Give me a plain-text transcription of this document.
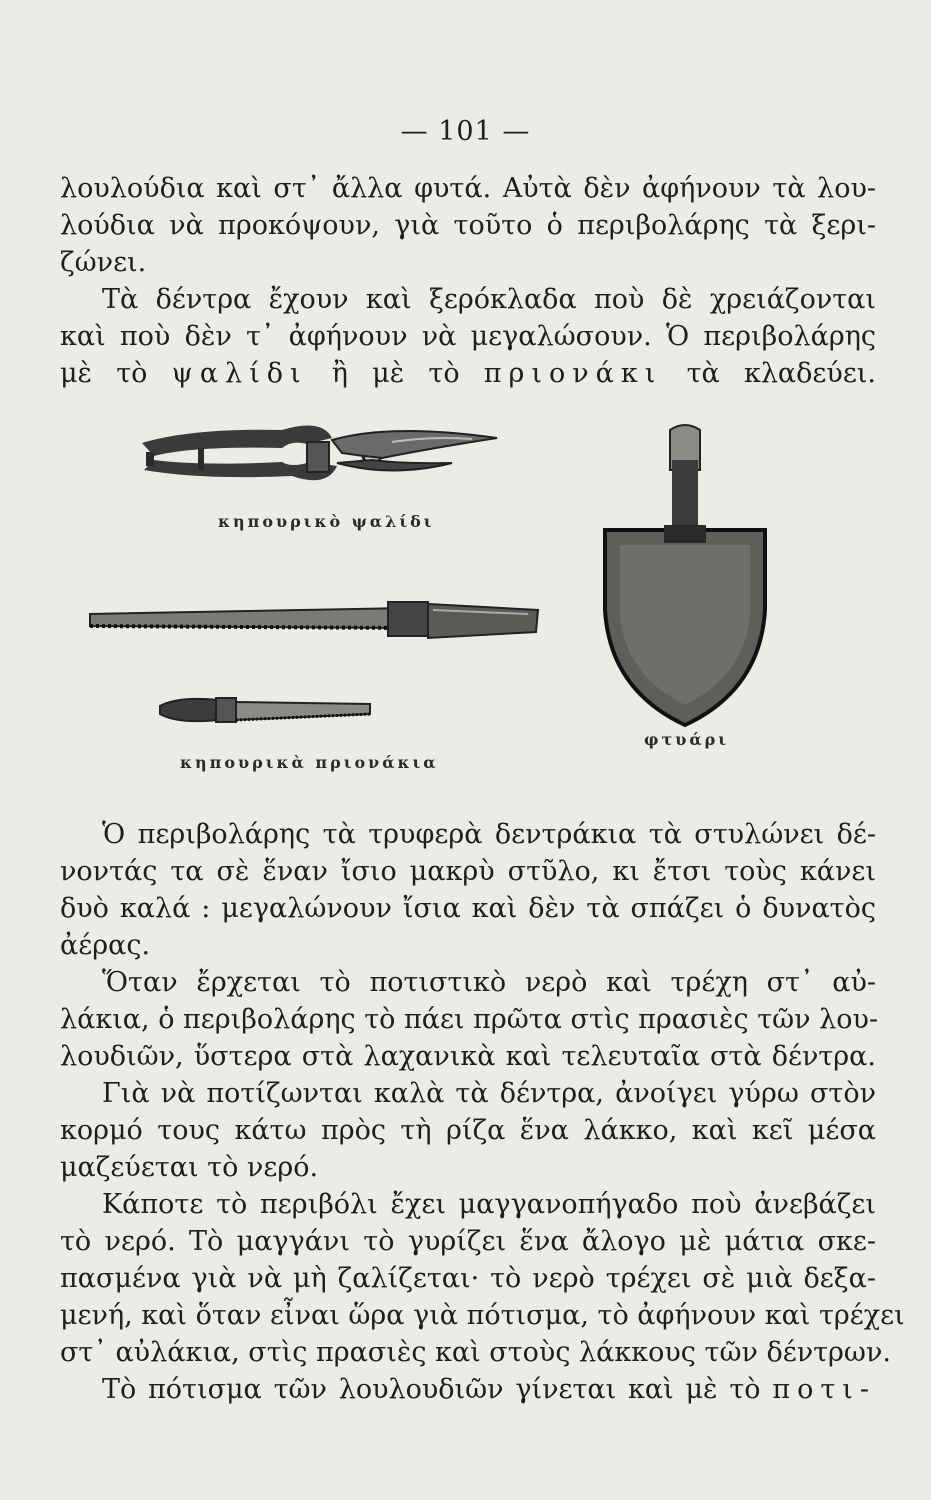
— 101 —
λουλούδια καὶ στ᾽ ἄλλα φυτά. Αὐτὰ δὲν ἀφήνουν τὰ λου-
λούδια νὰ προκόψουν, γιὰ τοῦτο ὁ περιβολάρης τὰ ξερι-
ζώνει.
Τὰ δέντρα ἔχουν καὶ ξερόκλαδα ποὺ δὲ χρειάζονται
καὶ ποὺ δὲν τ᾽ ἀφήνουν νὰ μεγαλώσουν. Ὁ περιβολάρης
μὲ τὸ ψαλίδι ἢ μὲ τὸ πριονάκι τὰ κλαδεύει.
κηπουρικὸ ψαλίδι
φτυάρι
κηπουρικὰ πριονάκια
Ὁ περιβολάρης τὰ τρυφερὰ δεντράκια τὰ στυλώνει δέ-
νοντάς τα σὲ ἕναν ἴσιο μακρὺ στῦλο, κι ἔτσι τοὺς κάνει
δυὸ καλά : μεγαλώνουν ἴσια καὶ δὲν τὰ σπάζει ὁ δυνατὸς
ἀέρας.
Ὅταν ἔρχεται τὸ ποτιστικὸ νερὸ καὶ τρέχη στ᾽ αὐ-
λάκια, ὁ περιβολάρης τὸ πάει πρῶτα στὶς πρασιὲς τῶν λου-
λουδιῶν, ὕστερα στὰ λαχανικὰ καὶ τελευταῖα στὰ δέντρα.
Γιὰ νὰ ποτίζωνται καλὰ τὰ δέντρα, ἀνοίγει γύρω στὸν
κορμό τους κάτω πρὸς τὴ ρίζα ἕνα λάκκο, καὶ κεῖ μέσα
μαζεύεται τὸ νερό.
Κάποτε τὸ περιβόλι ἔχει μαγγανοπήγαδο ποὺ ἀνεβάζει
τὸ νερό. Τὸ μαγγάνι τὸ γυρίζει ἕνα ἄλογο μὲ μάτια σκε-
πασμένα γιὰ νὰ μὴ ζαλίζεται· τὸ νερὸ τρέχει σὲ μιὰ δεξα-
μενή, καὶ ὅταν εἶναι ὥρα γιὰ πότισμα, τὸ ἀφήνουν καὶ τρέχει
στ᾽ αὐλάκια, στὶς πρασιὲς καὶ στοὺς λάκκους τῶν δέντρων.
Τὸ πότισμα τῶν λουλουδιῶν γίνεται καὶ μὲ τὸ ποτι-
